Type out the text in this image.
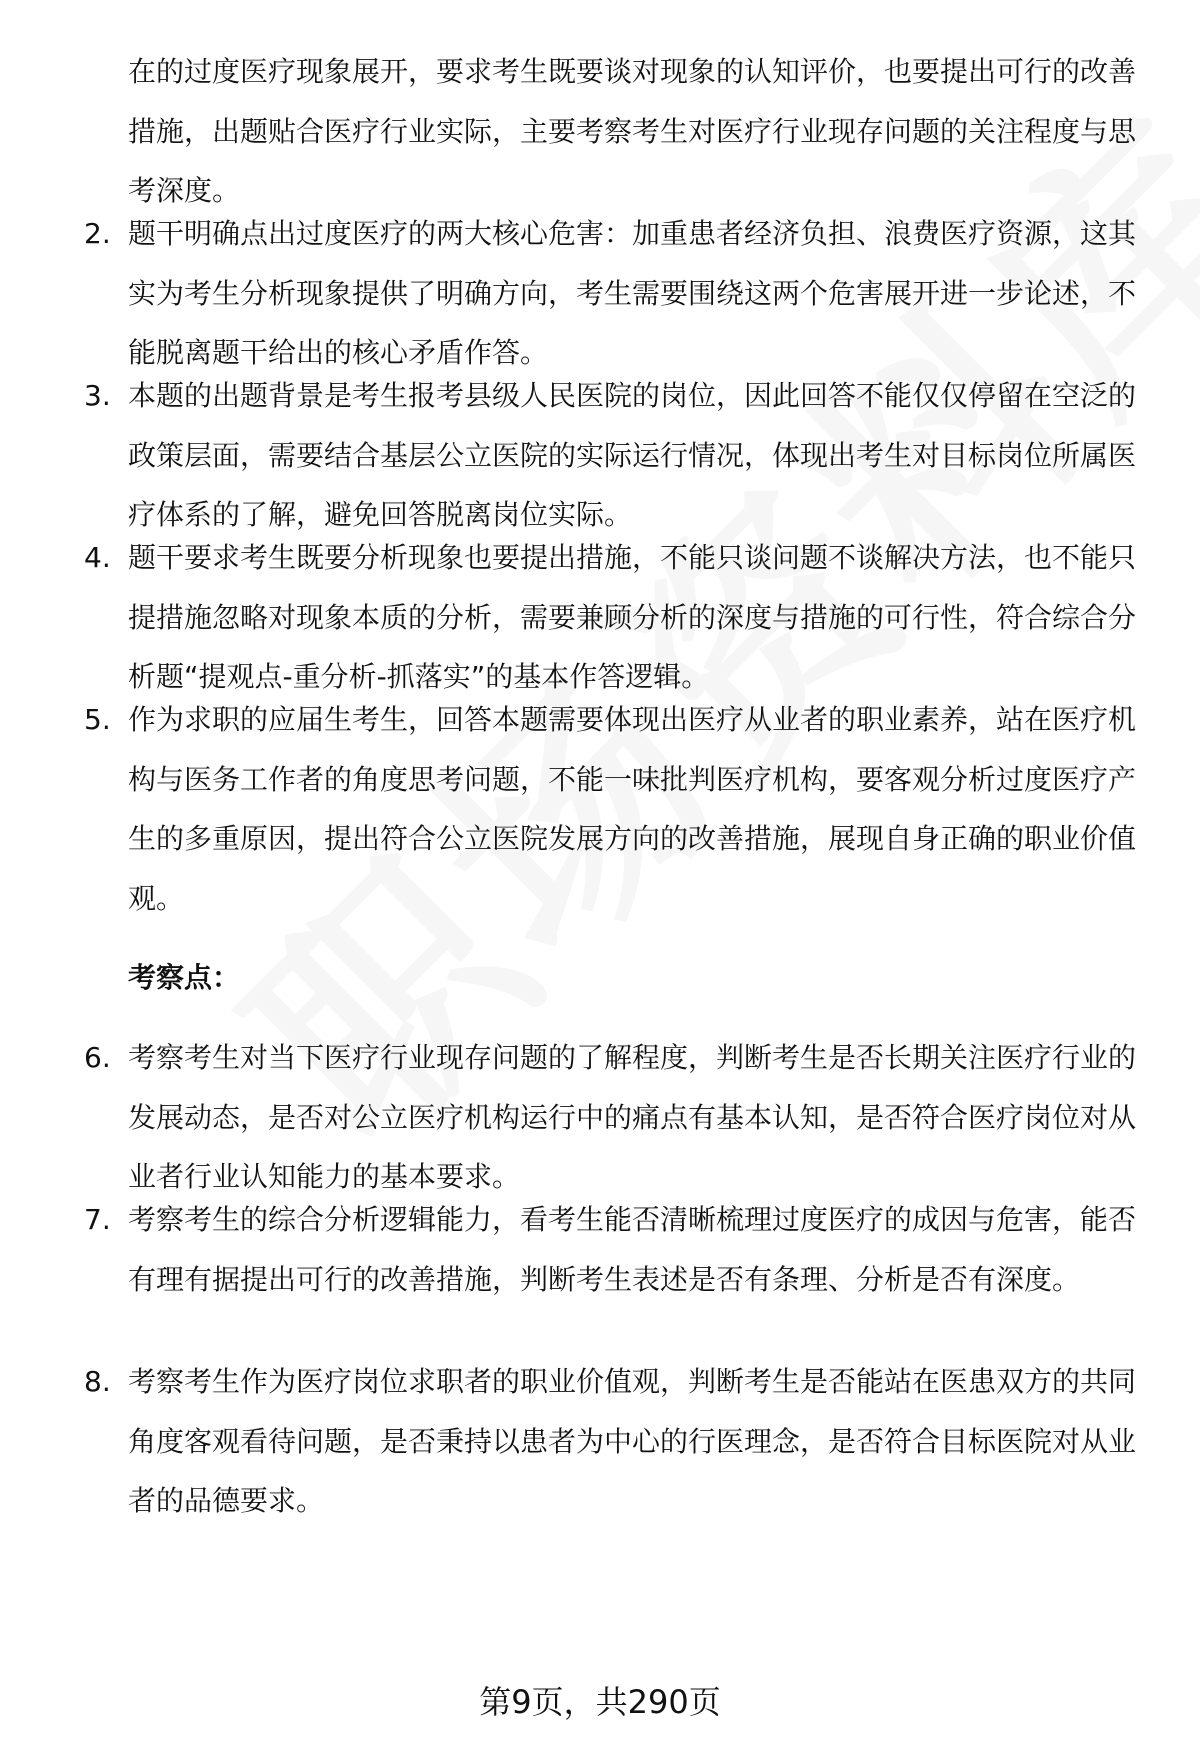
在的过度医疗现象展开，要求考生既要谈对现象的认知评价，也要提出可行的改善措施，出题贴合医疗行业实际，主要考察考生对医疗行业现存问题的关注程度与思考深度。

2. 题干明确点出过度医疗的两大核心危害：加重患者经济负担、浪费医疗资源，这其实为考生分析现象提供了明确方向，考生需要围绕这两个危害展开进一步论述，不能脱离题干给出的核心矛盾作答。

3. 本题的出题背景是考生报考县级人民医院的岗位，因此回答不能仅仅停留在空泛的政策层面，需要结合基层公立医院的实际运行情况，体现出考生对目标岗位所属医疗体系的了解，避免回答脱离岗位实际。

4. 题干要求考生既要分析现象也要提出措施，不能只谈问题不谈解决方法，也不能只提措施忽略对现象本质的分析，需要兼顾分析的深度与措施的可行性，符合综合分析题“提观点-重分析-抓落实”的基本作答逻辑。

5. 作为求职的应届生考生，回答本题需要体现出医疗从业者的职业素养，站在医疗机构与医务工作者的角度思考问题，不能一味批判医疗机构，要客观分析过度医疗产生的多重原因，提出符合公立医院发展方向的改善措施，展现自身正确的职业价值观。

考察点：
6. 考察考生对当下医疗行业现存问题的了解程度，判断考生是否长期关注医疗行业的发展动态，是否对公立医疗机构运行中的痛点有基本认知，是否符合医疗岗位对从业者行业认知能力的基本要求。

7. 考察考生的综合分析逻辑能力，看考生能否清晰梳理过度医疗的成因与危害，能否有理有据提出可行的改善措施，判断考生表述是否有条理、分析是否有深度。

8. 考察考生作为医疗岗位求职者的职业价值观，判断考生是否能站在医患双方的共同角度客观看待问题，是否秉持以患者为中心的行医理念，是否符合目标医院对从业者的品德要求。

第9页，共290页
